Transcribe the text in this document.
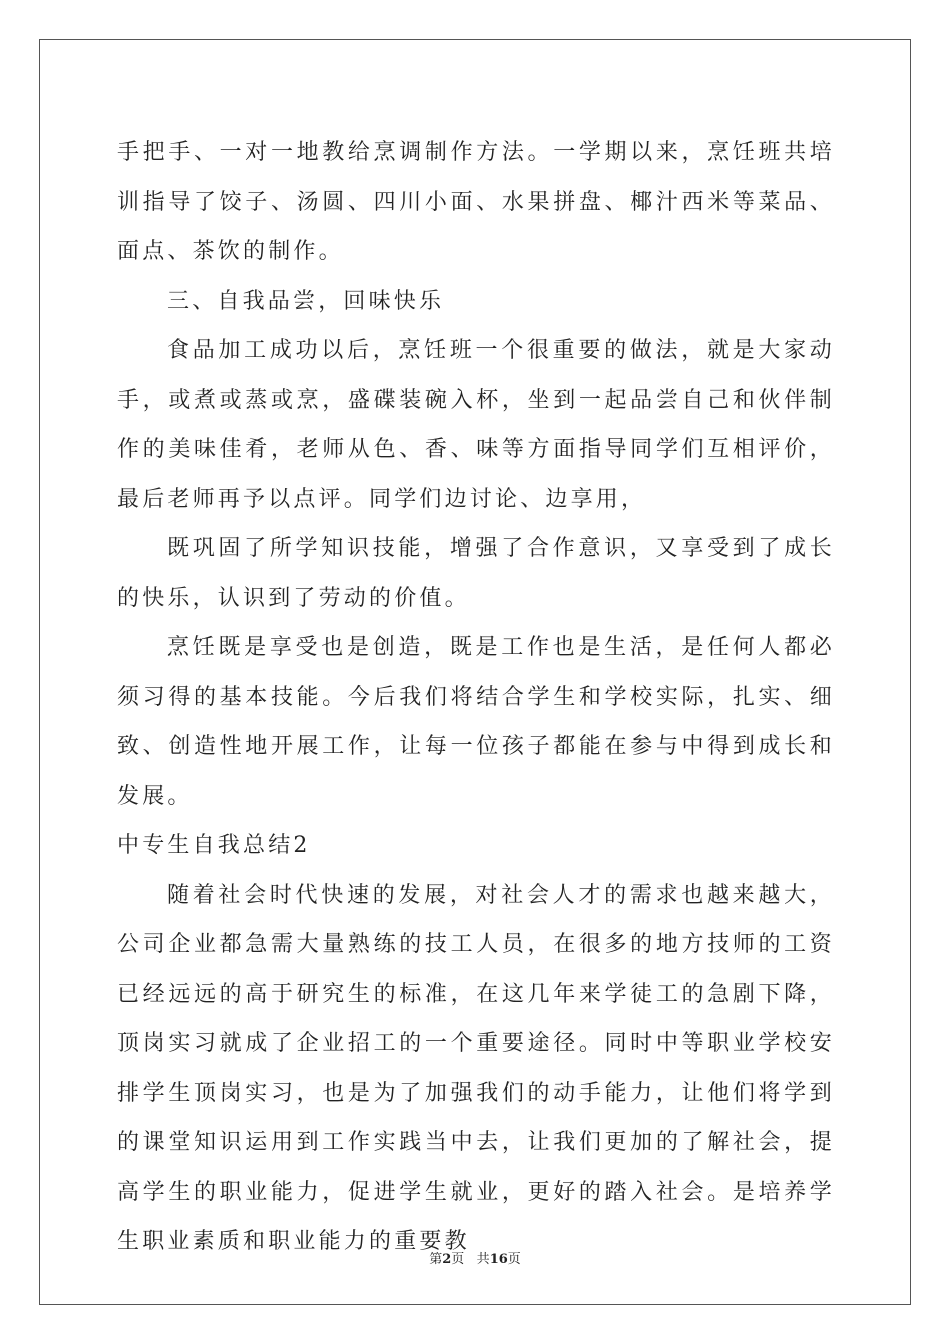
手把手、一对一地教给烹调制作方法。一学期以来，烹饪班共培训指导了饺子、汤圆、四川小面、水果拼盘、椰汁西米等菜品、面点、茶饮的制作。

三、自我品尝，回味快乐

食品加工成功以后，烹饪班一个很重要的做法，就是大家动手，或煮或蒸或烹，盛碟装碗入杯，坐到一起品尝自己和伙伴制作的美味佳肴，老师从色、香、味等方面指导同学们互相评价，最后老师再予以点评。同学们边讨论、边享用，

既巩固了所学知识技能，增强了合作意识，又享受到了成长的快乐，认识到了劳动的价值。

烹饪既是享受也是创造，既是工作也是生活，是任何人都必须习得的基本技能。今后我们将结合学生和学校实际，扎实、细致、创造性地开展工作，让每一位孩子都能在参与中得到成长和发展。

中专生自我总结2

随着社会时代快速的发展，对社会人才的需求也越来越大，公司企业都急需大量熟练的技工人员，在很多的地方技师的工资已经远远的高于研究生的标准，在这几年来学徒工的急剧下降，顶岗实习就成了企业招工的一个重要途径。同时中等职业学校安排学生顶岗实习，也是为了加强我们的动手能力，让他们将学到的课堂知识运用到工作实践当中去，让我们更加的了解社会，提高学生的职业能力，促进学生就业，更好的踏入社会。是培养学生职业素质和职业能力的重要教

第2页 共16页
